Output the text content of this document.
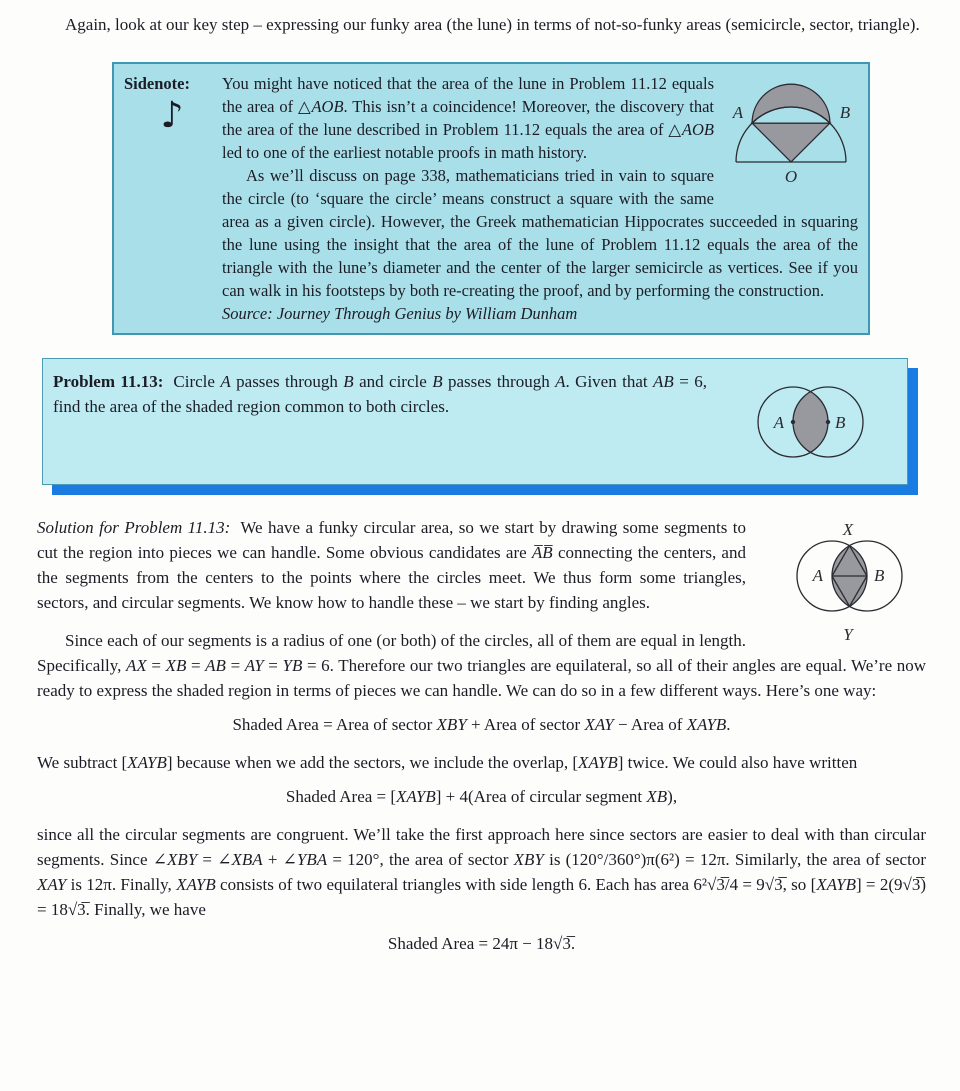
Again, look at our key step – expressing our funky area (the lune) in terms of not-so-funky areas (semicircle, sector, triangle).

Sidenote:
♪	A	B
O

You might have noticed that the area of the lune in Problem 11.12 equals the area of △AOB. This isn’t a coincidence! Moreover, the discovery that the area of the lune described in Problem 11.12 equals the area of △AOB led to one of the earliest notable proofs in math history.

As we’ll discuss on page 338, mathematicians tried in vain to square the circle (to ‘square the circle’ means construct a square with the same area as a given circle). However, the Greek mathematician Hippocrates succeeded in squaring the lune using the insight that the area of the lune of Problem 11.12 equals the area of the triangle with the lune’s diameter and the center of the larger semicircle as vertices. See if you can walk in his footsteps by both re-creating the proof, and by performing the construction.

Source: Journey Through Genius by William Dunham

Problem 11.13: Circle A passes through B and circle B passes through A. Given that AB = 6, find the area of the shaded region common to both circles.
A	B

X
Y
A	B
Solution for Problem 11.13: We have a funky circular area, so we start by drawing some segments to cut the region into pieces we can handle. Some obvious candidates are A̅B̅ connecting the centers, and the segments from the centers to the points where the circles meet. We thus form some triangles, sectors, and circular segments. We know how to handle these – we start by finding angles.

Since each of our segments is a radius of one (or both) of the circles, all of them are equal in length. Specifically, AX = XB = AB = AY = YB = 6. Therefore our two triangles are equilateral, so all of their angles are equal. We’re now ready to express the shaded region in terms of pieces we can handle. We can do so in a few different ways. Here’s one way:

Shaded Area = Area of sector XBY + Area of sector XAY − Area of XAYB.

We subtract [XAYB] because when we add the sectors, we include the overlap, [XAYB] twice. We could also have written

Shaded Area = [XAYB] + 4(Area of circular segment XB),

since all the circular segments are congruent. We’ll take the first approach here since sectors are easier to deal with than circular segments. Since ∠XBY = ∠XBA + ∠YBA = 120°, the area of sector XBY is (120°/360°)π(6²) = 12π. Similarly, the area of sector XAY is 12π. Finally, XAYB consists of two equilateral triangles with side length 6. Each has area 6²√3̅/4 = 9√3̅, so [XAYB] = 2(9√3̅) = 18√3̅. Finally, we have

Shaded Area = 24π − 18√3̅.
